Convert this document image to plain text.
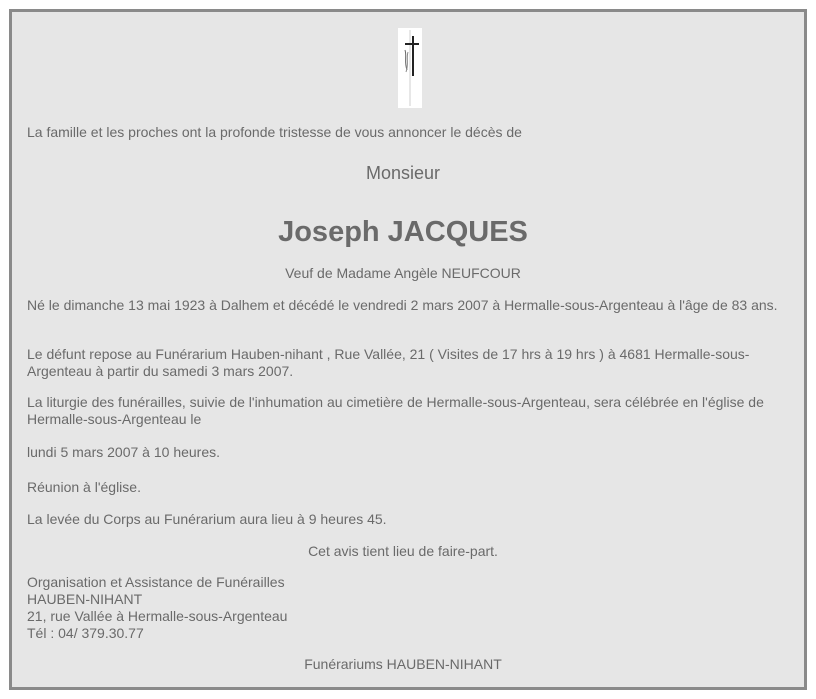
La famille et les proches ont la profonde tristesse de vous annoncer le décès de
Monsieur
Joseph JACQUES
Veuf de Madame Angèle NEUFCOUR
Né le dimanche 13 mai 1923 à Dalhem et décédé le vendredi 2 mars 2007 à Hermalle-sous-Argenteau à l'âge de 83 ans.
Le défunt repose au Funérarium Hauben-nihant , Rue Vallée, 21 ( Visites de 17 hrs à 19 hrs ) à 4681 Hermalle-sous-Argenteau à partir du samedi 3 mars 2007.
La liturgie des funérailles, suivie de l'inhumation au cimetière de Hermalle-sous-Argenteau, sera célébrée en l'église de Hermalle-sous-Argenteau le
lundi 5 mars 2007 à 10 heures.
Réunion à l'église.
La levée du Corps au Funérarium aura lieu à 9 heures 45.
Cet avis tient lieu de faire-part.
Organisation et Assistance de Funérailles
HAUBEN-NIHANT
21, rue Vallée à Hermalle-sous-Argenteau
Tél : 04/ 379.30.77
Funérariums HAUBEN-NIHANT
